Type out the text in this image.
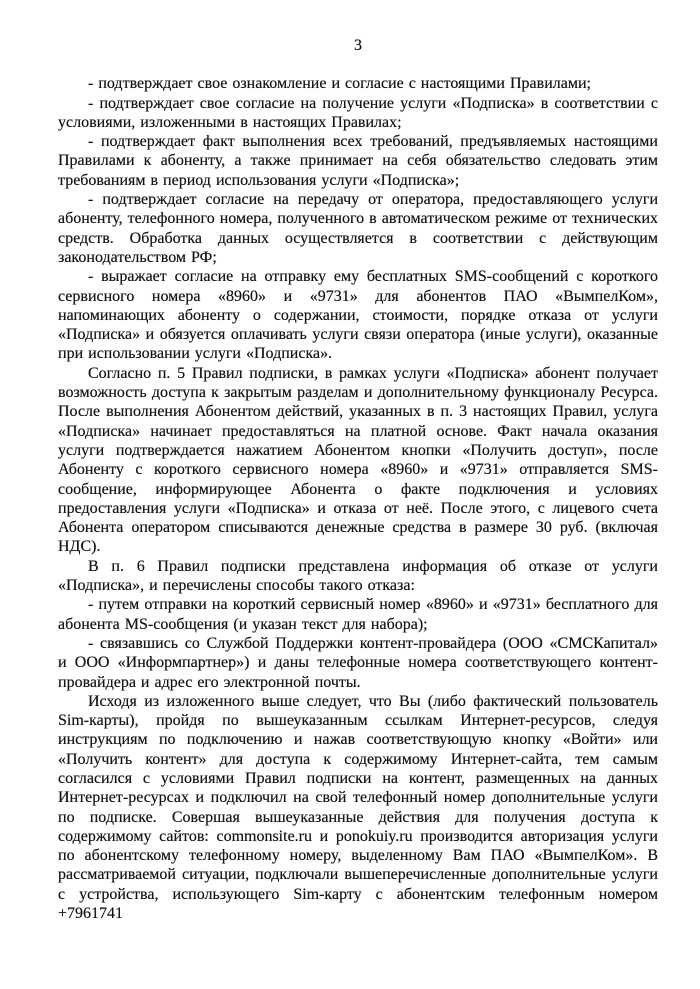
3

- подтверждает свое ознакомление и согласие с настоящими Правилами;

- подтверждает свое согласие на получение услуги «Подписка» в соответствии с условиями, изложенными в настоящих Правилах;

- подтверждает факт выполнения всех требований, предъявляемых настоящими Правилами к абоненту, а также принимает на себя обязательство следовать этим требованиям в период использования услуги «Подписка»;

- подтверждает согласие на передачу от оператора, предоставляющего услуги абоненту, телефонного номера, полученного в автоматическом режиме от технических средств. Обработка данных осуществляется в соответствии с действующим законодательством РФ;

- выражает согласие на отправку ему бесплатных SMS-сообщений с короткого сервисного номера «8960» и «9731» для абонентов ПАО «ВымпелКом», напоминающих абоненту о содержании, стоимости, порядке отказа от услуги «Подписка» и обязуется оплачивать услуги связи оператора (иные услуги), оказанные при использовании услуги «Подписка».

Согласно п. 5 Правил подписки, в рамках услуги «Подписка» абонент получает возможность доступа к закрытым разделам и дополнительному функционалу Ресурса. После выполнения Абонентом действий, указанных в п. 3 настоящих Правил, услуга «Подписка» начинает предоставляться на платной основе. Факт начала оказания услуги подтверждается нажатием Абонентом кнопки «Получить доступ», после Абоненту с короткого сервисного номера «8960» и «9731» отправляется SMS-сообщение, информирующее Абонента о факте подключения и условиях предоставления услуги «Подписка» и отказа от неё. После этого, с лицевого счета Абонента оператором списываются денежные средства в размере 30 руб. (включая НДС).

В п. 6 Правил подписки представлена информация об отказе от услуги «Подписка», и перечислены способы такого отказа:

- путем отправки на короткий сервисный номер «8960» и «9731» бесплатного для абонента MS-сообщения (и указан текст для набора);

- связавшись со Службой Поддержки контент-провайдера (ООО «СМСКапитал» и ООО «Информпартнер») и даны телефонные номера соответствующего контент-провайдера и адрес его электронной почты.

Исходя из изложенного выше следует, что Вы (либо фактический пользователь Sim-карты), пройдя по вышеуказанным ссылкам Интернет-ресурсов, следуя инструкциям по подключению и нажав соответствующую кнопку «Войти» или «Получить контент» для доступа к содержимому Интернет-сайта, тем самым согласился с условиями Правил подписки на контент, размещенных на данных Интернет-ресурсах и подключил на свой телефонный номер дополнительные услуги по подписке. Совершая вышеуказанные действия для получения доступа к содержимому сайтов: commonsite.ru и ponokuiy.ru производится авторизация услуги по абонентскому телефонному номеру, выделенному Вам ПАО «ВымпелКом». В рассматриваемой ситуации, подключали вышеперечисленные дополнительные услуги с устройства, использующего Sim-карту с абонентским телефонным номером +7961741
